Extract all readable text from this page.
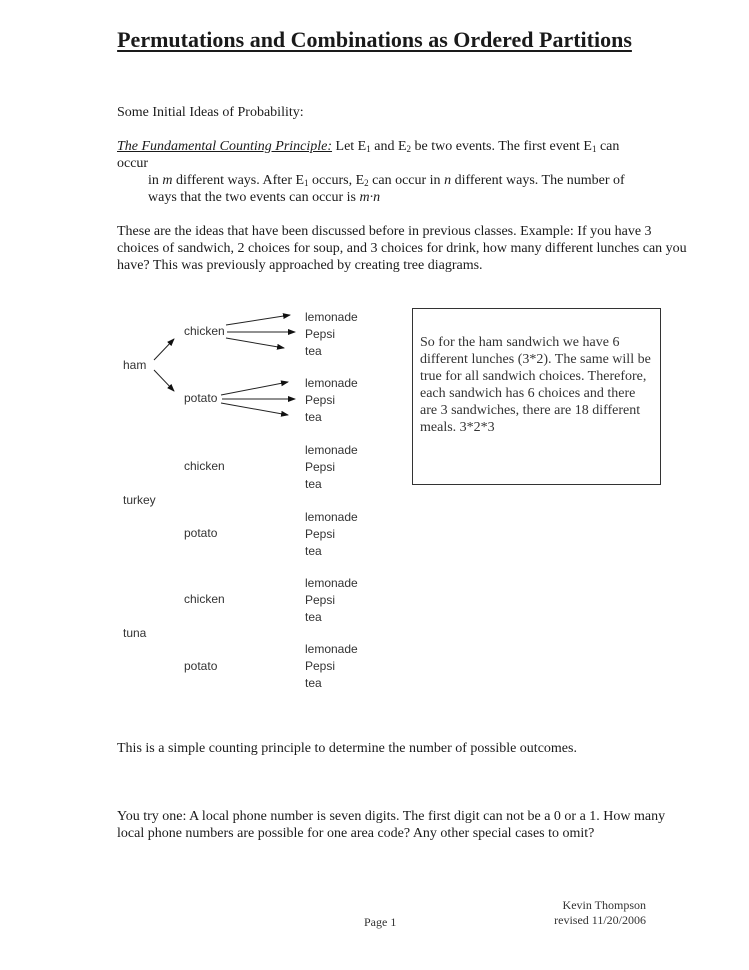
Permutations and Combinations as Ordered Partitions
Some Initial Ideas of Probability:
The Fundamental Counting Principle: Let $E_1$ and $E_2$ be two events. The first event $E_1$ can
occur
in m different ways. After $E_1$ occurs, $E_2$ can occur in n different ways. The number of
ways that the two events can occur is m·n
These are the ideas that have been discussed before in previous classes. Example: If you have 3 choices of sandwich, 2 choices for soup, and 3 choices for drink, how many different lunches can you have? This was previously approached by creating tree diagrams.
ham
chicken
lemonade
Pepsi
tea
potato
lemonade
Pepsi
tea
turkey
chicken
lemonade
Pepsi
tea
potato
lemonade
Pepsi
tea
tuna
chicken
lemonade
Pepsi
tea
potato
lemonade
Pepsi
tea
So for the ham sandwich we have 6 different lunches (3*2). The same will be true for all sandwich choices. Therefore, each sandwich has 6 choices and there are 3 sandwiches, there are 18 different meals. 3*2*3
This is a simple counting principle to determine the number of possible outcomes.
You try one: A local phone number is seven digits. The first digit can not be a 0 or a 1. How many local phone numbers are possible for one area code? Any other special cases to omit?
Page 1
Kevin Thompson
revised 11/20/2006
